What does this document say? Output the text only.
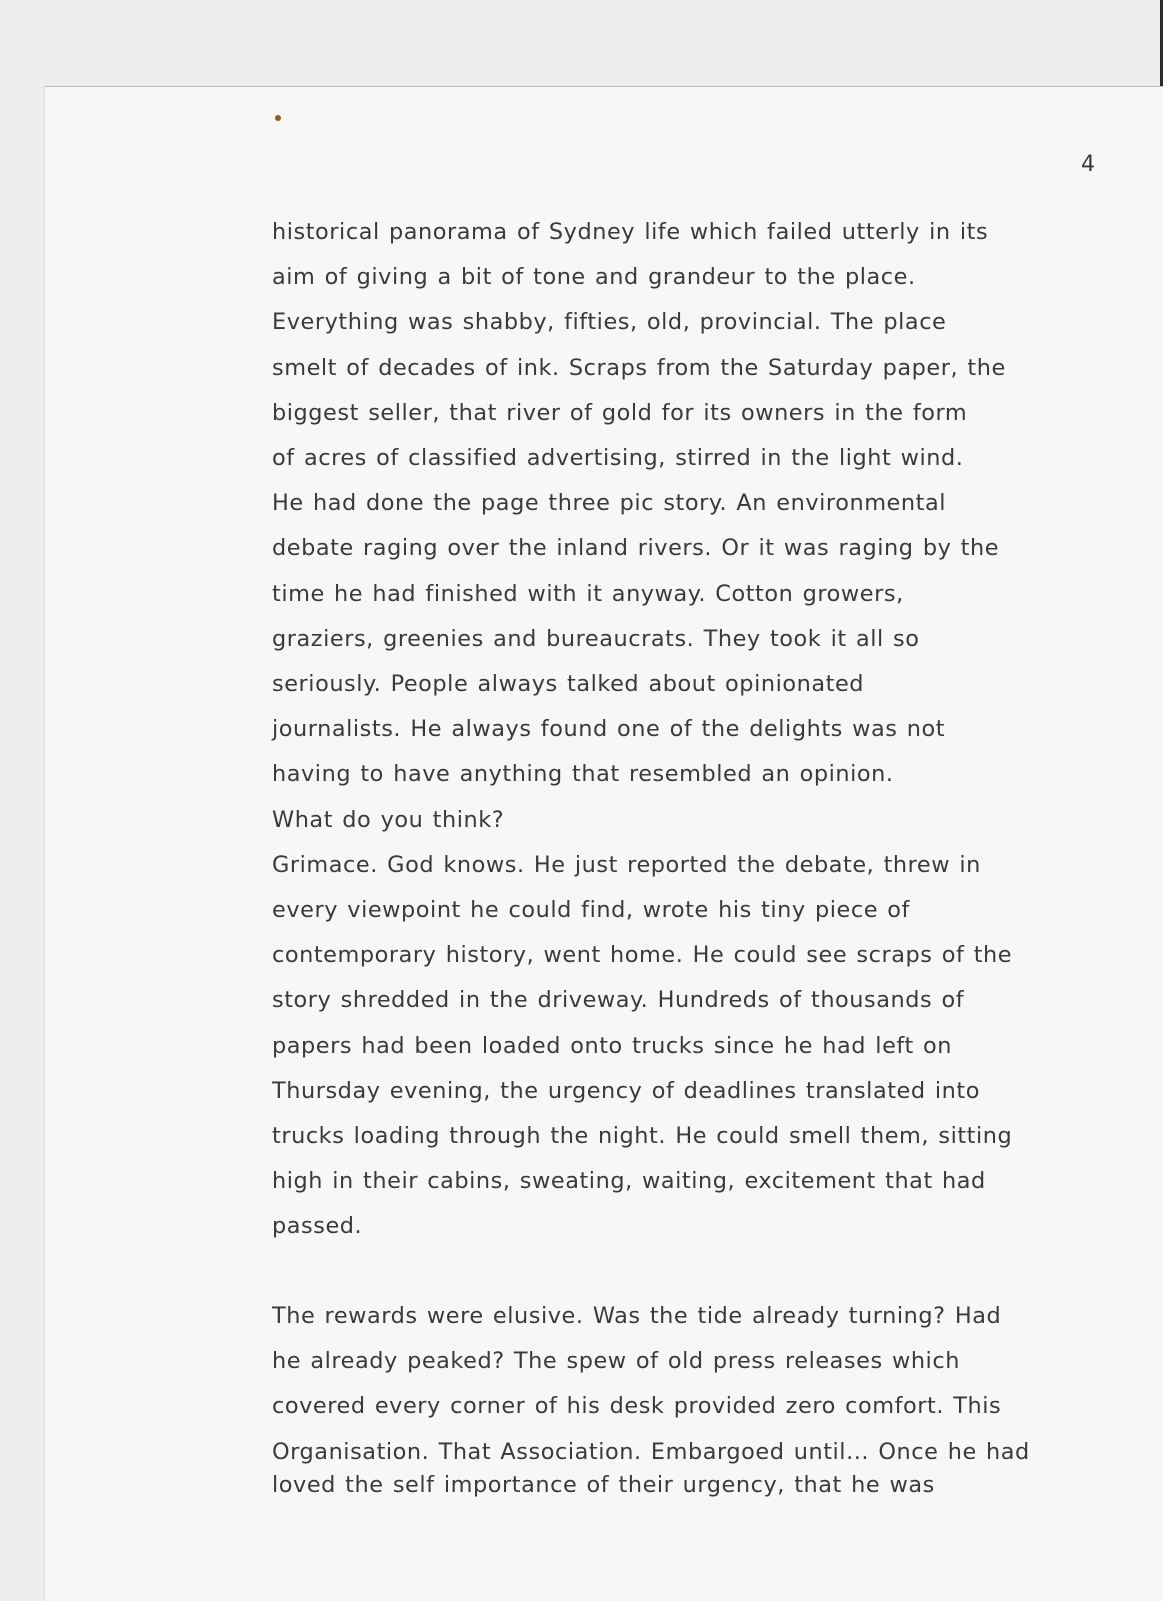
4
historical panorama of Sydney life which failed utterly in its
aim of giving a bit of tone and grandeur to the place.
Everything was shabby, fifties, old, provincial. The place
smelt of decades of ink. Scraps from the Saturday paper, the
biggest seller, that river of gold for its owners in the form
of acres of classified advertising, stirred in the light wind.
He had done the page three pic story. An environmental
debate raging over the inland rivers. Or it was raging by the
time he had finished with it anyway. Cotton growers,
graziers, greenies and bureaucrats. They took it all so
seriously. People always talked about opinionated
journalists. He always found one of the delights was not
having to have anything that resembled an opinion.
What do you think?
Grimace. God knows. He just reported the debate, threw in
every viewpoint he could find, wrote his tiny piece of
contemporary history, went home. He could see scraps of the
story shredded in the driveway. Hundreds of thousands of
papers had been loaded onto trucks since he had left on
Thursday evening, the urgency of deadlines translated into
trucks loading through the night. He could smell them, sitting
high in their cabins, sweating, waiting, excitement that had
passed.
The rewards were elusive. Was the tide already turning? Had
he already peaked? The spew of old press releases which
covered every corner of his desk provided zero comfort. This
Organisation. That Association. Embargoed until... Once he had
loved the self importance of their urgency, that he was
